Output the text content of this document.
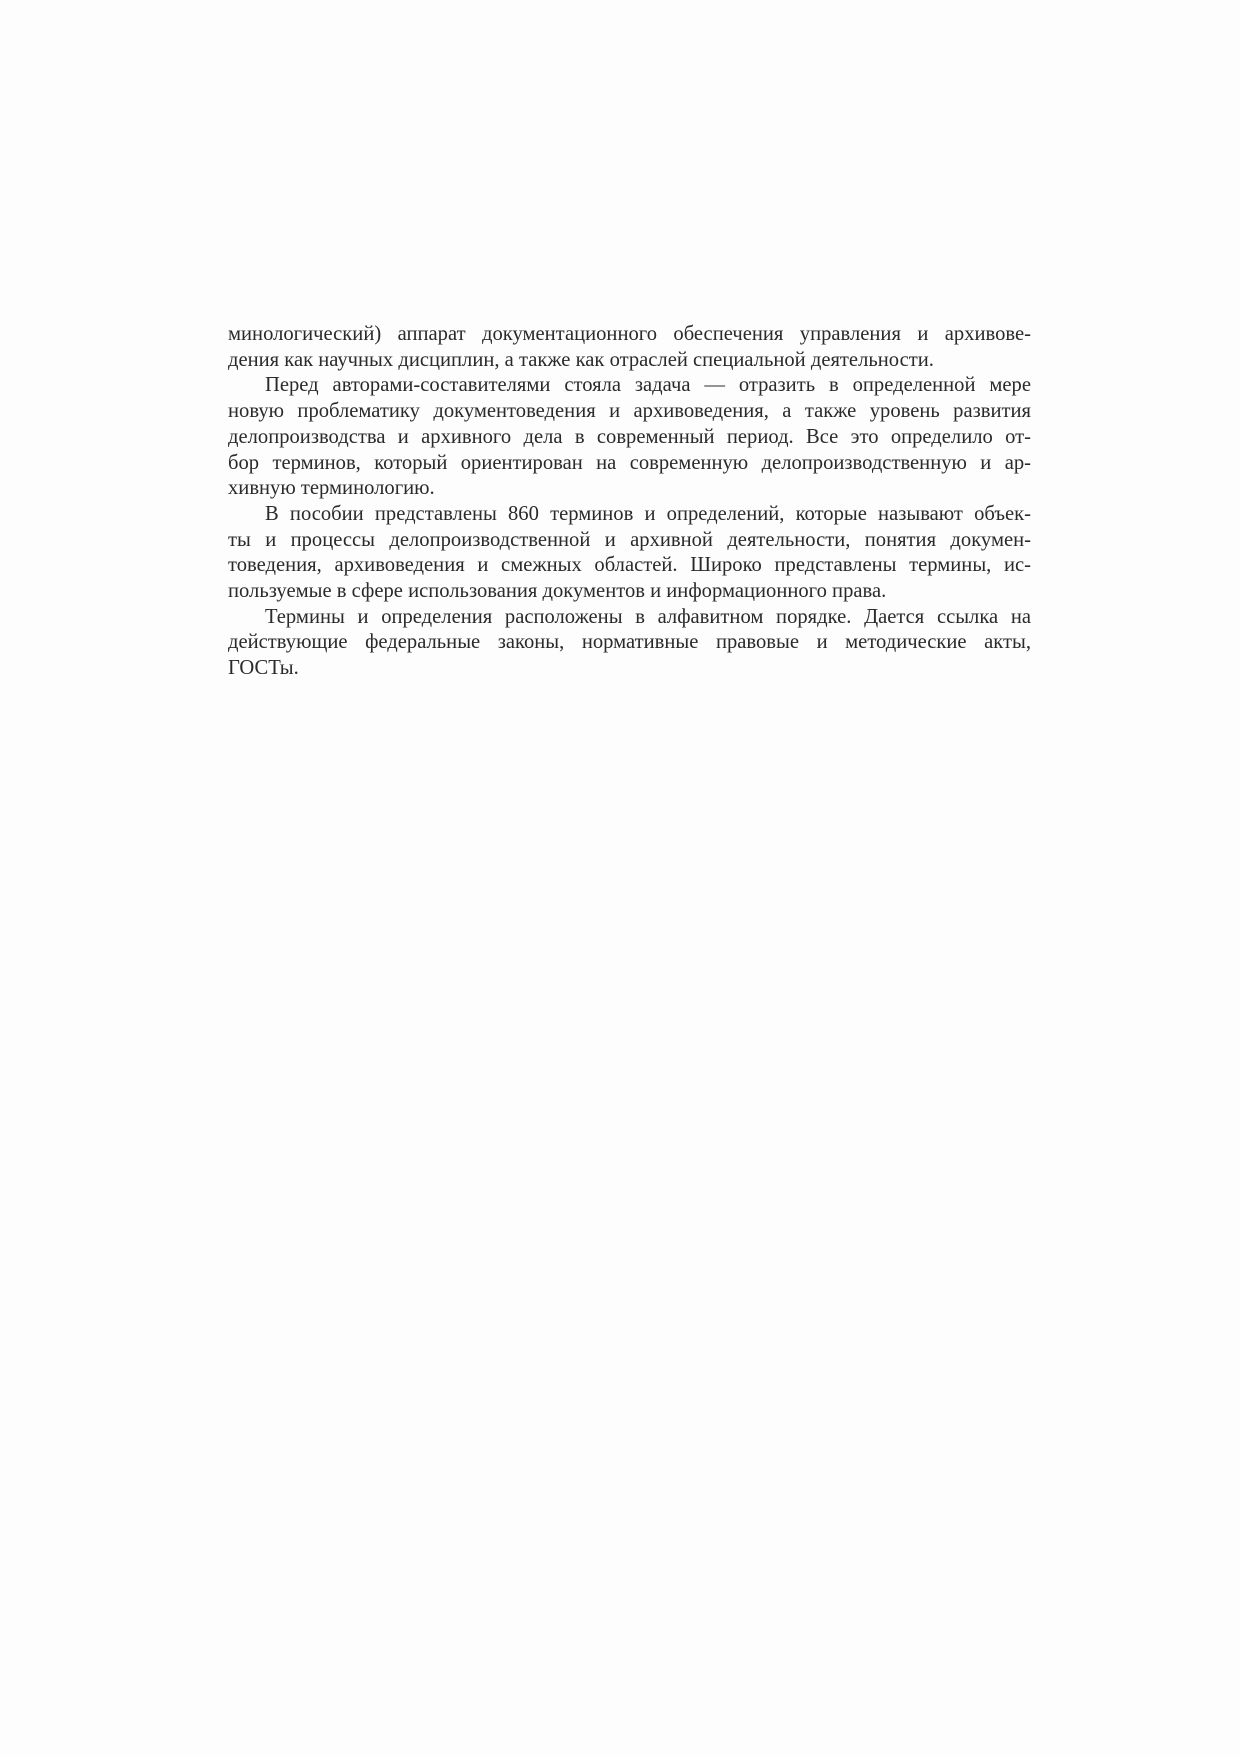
минологический) аппарат документационного обеспечения управления и архивове-
дения как научных дисциплин, а также как отраслей специальной деятельности.

Перед авторами-составителями стояла задача — отразить в определенной мере
новую проблематику документоведения и архивоведения, а также уровень развития
делопроизводства и архивного дела в современный период. Все это определило от-
бор терминов, который ориентирован на современную делопроизводственную и ар-
хивную терминологию.

В пособии представлены 860 терминов и определений, которые называют объек-
ты и процессы делопроизводственной и архивной деятельности, понятия докумен-
товедения, архивоведения и смежных областей. Широко представлены термины, ис-
пользуемые в сфере использования документов и информационного права.

Термины и определения расположены в алфавитном порядке. Дается ссылка на
действующие федеральные законы, нормативные правовые и методические акты,
ГОСТы.
